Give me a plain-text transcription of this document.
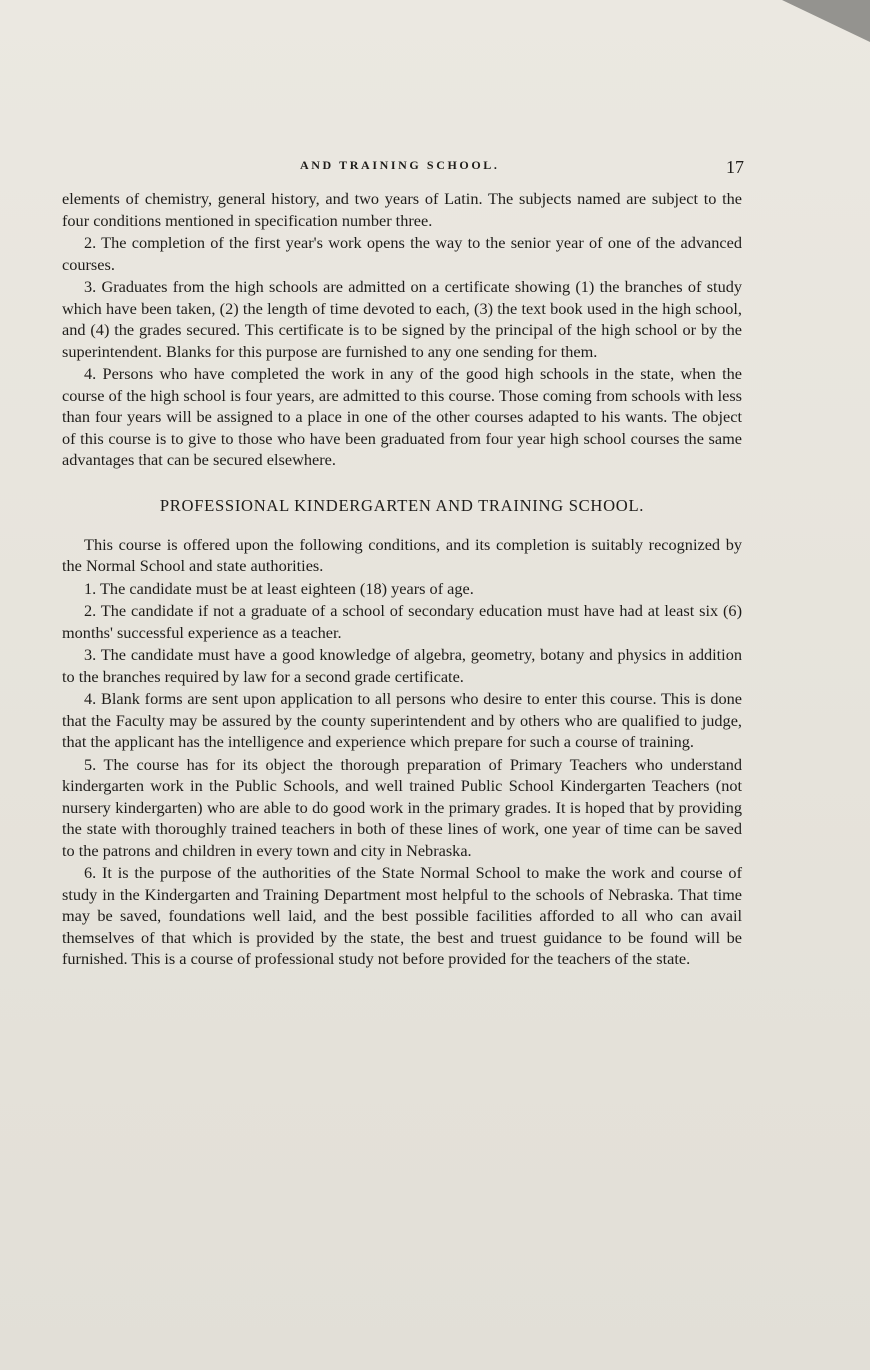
AND TRAINING SCHOOL.	17

elements of chemistry, general history, and two years of Latin. The subjects named are subject to the four conditions mentioned in specification number three.

2. The completion of the first year's work opens the way to the senior year of one of the advanced courses.

3. Graduates from the high schools are admitted on a certificate showing (1) the branches of study which have been taken, (2) the length of time devoted to each, (3) the text book used in the high school, and (4) the grades secured. This certificate is to be signed by the principal of the high school or by the superintendent. Blanks for this purpose are furnished to any one sending for them.

4. Persons who have completed the work in any of the good high schools in the state, when the course of the high school is four years, are admitted to this course. Those coming from schools with less than four years will be assigned to a place in one of the other courses adapted to his wants. The object of this course is to give to those who have been graduated from four year high school courses the same advantages that can be secured elsewhere.

PROFESSIONAL KINDERGARTEN AND TRAINING SCHOOL.

This course is offered upon the following conditions, and its completion is suitably recognized by the Normal School and state authorities.

1. The candidate must be at least eighteen (18) years of age.

2. The candidate if not a graduate of a school of secondary education must have had at least six (6) months' successful experience as a teacher.

3. The candidate must have a good knowledge of algebra, geometry, botany and physics in addition to the branches required by law for a second grade certificate.

4. Blank forms are sent upon application to all persons who desire to enter this course. This is done that the Faculty may be assured by the county superintendent and by others who are qualified to judge, that the applicant has the intelligence and experience which prepare for such a course of training.

5. The course has for its object the thorough preparation of Primary Teachers who understand kindergarten work in the Public Schools, and well trained Public School Kindergarten Teachers (not nursery kindergarten) who are able to do good work in the primary grades. It is hoped that by providing the state with thoroughly trained teachers in both of these lines of work, one year of time can be saved to the patrons and children in every town and city in Nebraska.

6. It is the purpose of the authorities of the State Normal School to make the work and course of study in the Kindergarten and Training Department most helpful to the schools of Nebraska. That time may be saved, foundations well laid, and the best possible facilities afforded to all who can avail themselves of that which is provided by the state, the best and truest guidance to be found will be furnished. This is a course of professional study not before provided for the teachers of the state.
